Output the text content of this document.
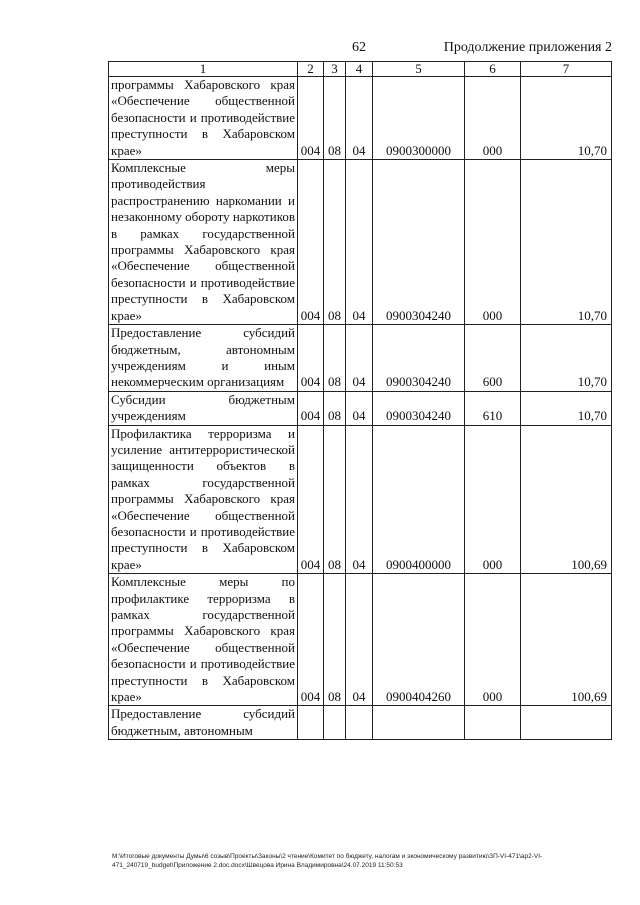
62	Продолжение приложения 2
1	2	3	4	5	6	7
программы Хабаровского края «Обеспечение общественной безопасности и противодействие преступности в Хабаровском крае»	004	08	04	0900300000	000	10,70
Комплексные меры противодействия распространению наркомании и незаконному обороту наркотиков в рамках государственной программы Хабаровского края «Обеспечение общественной безопасности и противодействие преступности в Хабаровском крае»	004	08	04	0900304240	000	10,70
Предоставление субсидий бюджетным, автономным учреждениям и иным некоммерческим организациям	004	08	04	0900304240	600	10,70
Субсидии бюджетным учреждениям	004	08	04	0900304240	610	10,70
Профилактика терроризма и усиление антитеррористической защищенности объектов в рамках государственной программы Хабаровского края «Обеспечение общественной безопасности и противодействие преступности в Хабаровском крае»	004	08	04	0900400000	000	100,69
Комплексные меры по профилактике терроризма в рамках государственной программы Хабаровского края «Обеспечение общественной безопасности и противодействие преступности в Хабаровском крае»	004	08	04	0900404260	000	100,69
Предоставление субсидий бюджетным, автономным						
M:\Итоговые документы Думы\6 созыв\Проекты\Законы\2 чтение\Комитет по бюджету, налогам и экономическому развитию\ЗП-VI-471\ap2-VI-471_240719_budget\Приложение 2.doc.docx\Швецова Ирина Владимировна\24.07.2019 11:50:53
